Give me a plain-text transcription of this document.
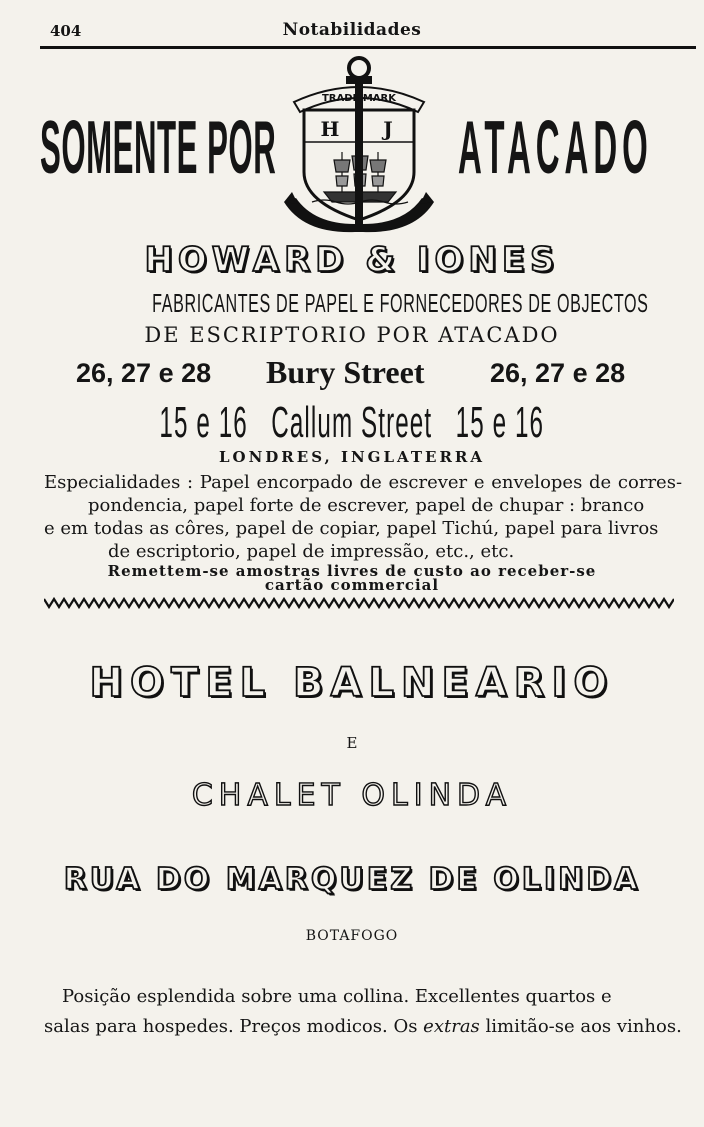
404	Notabilidades
SOMENTE POR	ATACADO
TRADE MARK
H J
HOWARD & IONES
FABRICANTES DE PAPEL E FORNECEDORES DE OBJECTOS
DE ESCRIPTORIO POR ATACADO
26, 27 e 28 Bury Street 26, 27 e 28
15 e 16   Callum Street   15 e 16
LONDRES, INGLATERRA
Especialidades : Papel encorpado de escrever e envelopes de corres-
pondencia, papel forte de escrever, papel de chupar : branco
e em todas as côres, papel de copiar, papel Tichú, papel para livros
de escriptorio, papel de impressão, etc., etc.
Remettem-se amostras livres de custo ao receber-se
cartão commercial
HOTEL BALNEARIO
E
CHALET OLINDA
RUA DO MARQUEZ DE OLINDA
BOTAFOGO
Posição esplendida sobre uma collina. Excellentes quartos e
salas para hospedes. Preços modicos. Os extras limitão-se aos vinhos.
